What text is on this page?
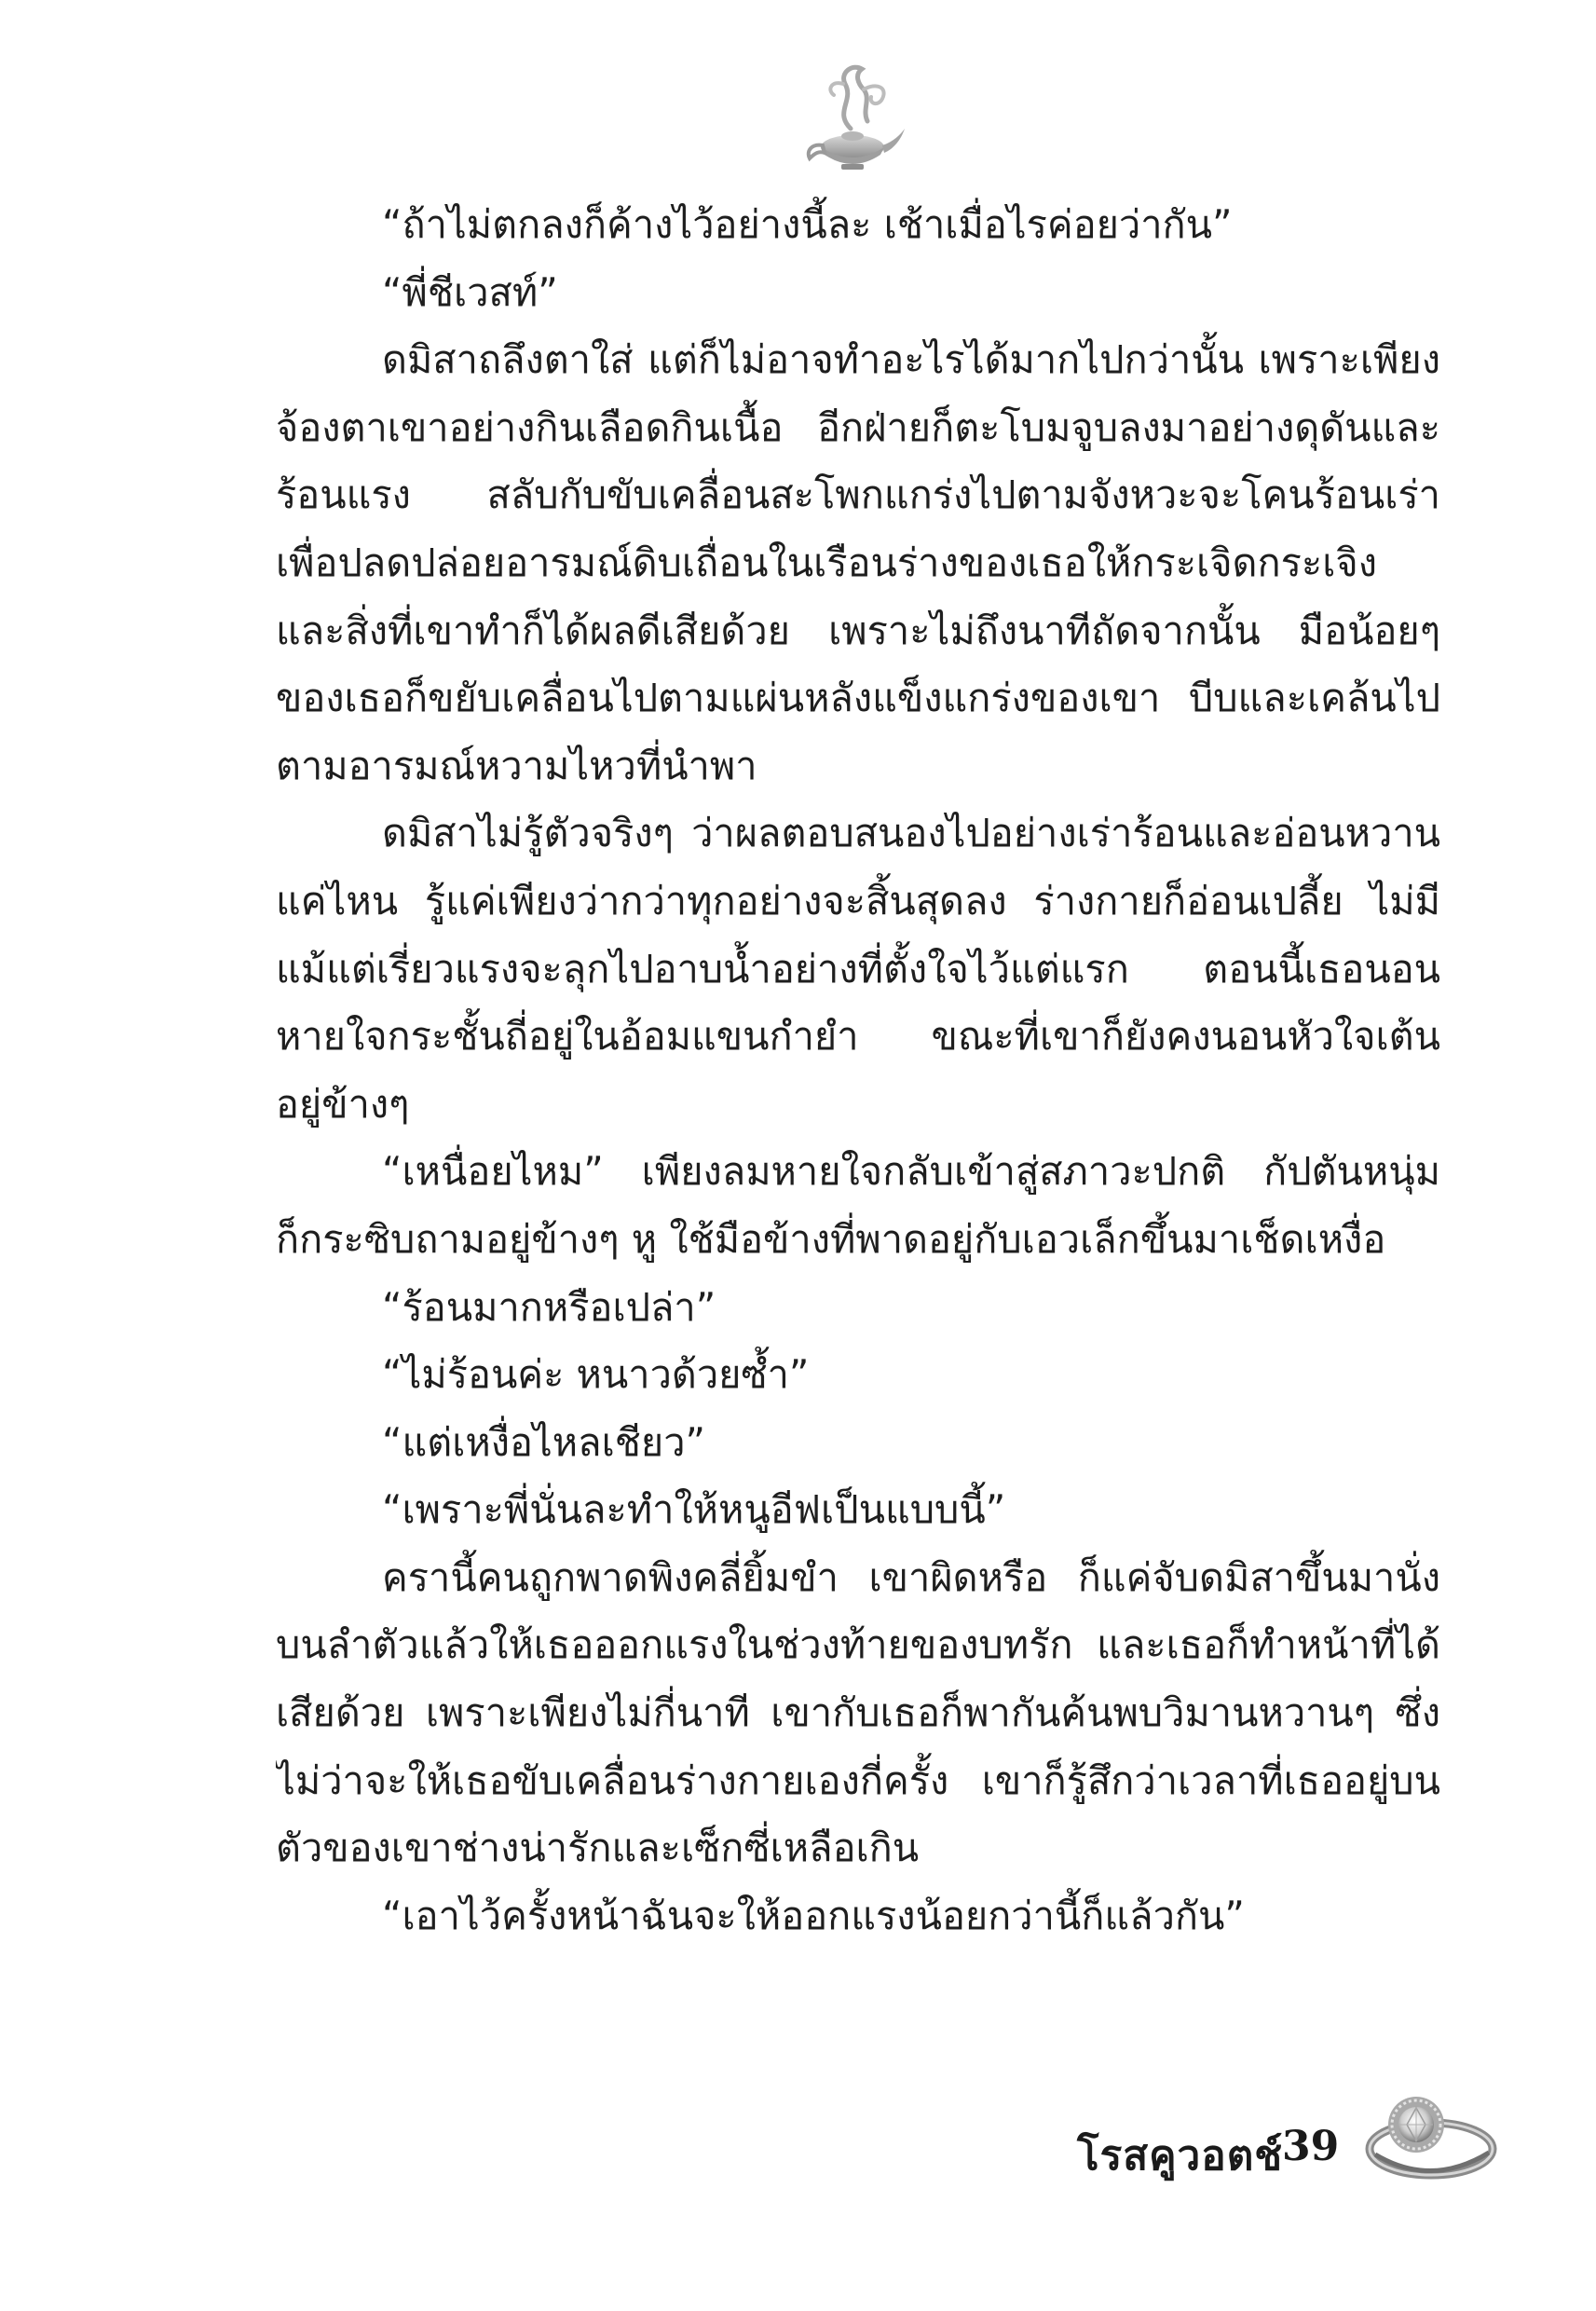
“ถ้าไม่ตกลงก็ค้างไว้อย่างนี้ละ เช้าเมื่อไรค่อยว่ากัน”
“พี่ชีเวสท์”
ดมิสาถลึงตาใส่ แต่ก็ไม่อาจทำอะไรได้มากไปกว่านั้น เพราะเพียง
จ้องตาเขาอย่างกินเลือดกินเนื้อ อีกฝ่ายก็ตะโบมจูบลงมาอย่างดุดันและ
ร้อนแรง สลับกับขับเคลื่อนสะโพกแกร่งไปตามจังหวะจะโคนร้อนเร่า
เพื่อปลดปล่อยอารมณ์ดิบเถื่อนในเรือนร่างของเธอให้กระเจิดกระเจิง
และสิ่งที่เขาทำก็ได้ผลดีเสียด้วย เพราะไม่ถึงนาทีถัดจากนั้น มือน้อยๆ
ของเธอก็ขยับเคลื่อนไปตามแผ่นหลังแข็งแกร่งของเขา บีบและเคล้นไป
ตามอารมณ์หวามไหวที่นำพา
ดมิสาไม่รู้ตัวจริงๆ ว่าผลตอบสนองไปอย่างเร่าร้อนและอ่อนหวาน
แค่ไหน รู้แค่เพียงว่ากว่าทุกอย่างจะสิ้นสุดลง ร่างกายก็อ่อนเปลี้ย ไม่มี
แม้แต่เรี่ยวแรงจะลุกไปอาบน้ำอย่างที่ตั้งใจไว้แต่แรก ตอนนี้เธอนอน
หายใจกระชั้นถี่อยู่ในอ้อมแขนกำยำ ขณะที่เขาก็ยังคงนอนหัวใจเต้น
อยู่ข้างๆ
“เหนื่อยไหม” เพียงลมหายใจกลับเข้าสู่สภาวะปกติ กัปตันหนุ่ม
ก็กระซิบถามอยู่ข้างๆ หู ใช้มือข้างที่พาดอยู่กับเอวเล็กขึ้นมาเช็ดเหงื่อ
“ร้อนมากหรือเปล่า”
“ไม่ร้อนค่ะ หนาวด้วยซ้ำ”
“แต่เหงื่อไหลเชียว”
“เพราะพี่นั่นละทำให้หนูอีฟเป็นแบบนี้”
ครานี้คนถูกพาดพิงคลี่ยิ้มขำ เขาผิดหรือ ก็แค่จับดมิสาขึ้นมานั่ง
บนลำตัวแล้วให้เธอออกแรงในช่วงท้ายของบทรัก และเธอก็ทำหน้าที่ได้
เสียด้วย เพราะเพียงไม่กี่นาที เขากับเธอก็พากันค้นพบวิมานหวานๆ ซึ่ง
ไม่ว่าจะให้เธอขับเคลื่อนร่างกายเองกี่ครั้ง เขาก็รู้สึกว่าเวลาที่เธออยู่บน
ตัวของเขาช่างน่ารักและเซ็กซี่เหลือเกิน
“เอาไว้ครั้งหน้าฉันจะให้ออกแรงน้อยกว่านี้ก็แล้วกัน”
โรสคูวอตช์
39
